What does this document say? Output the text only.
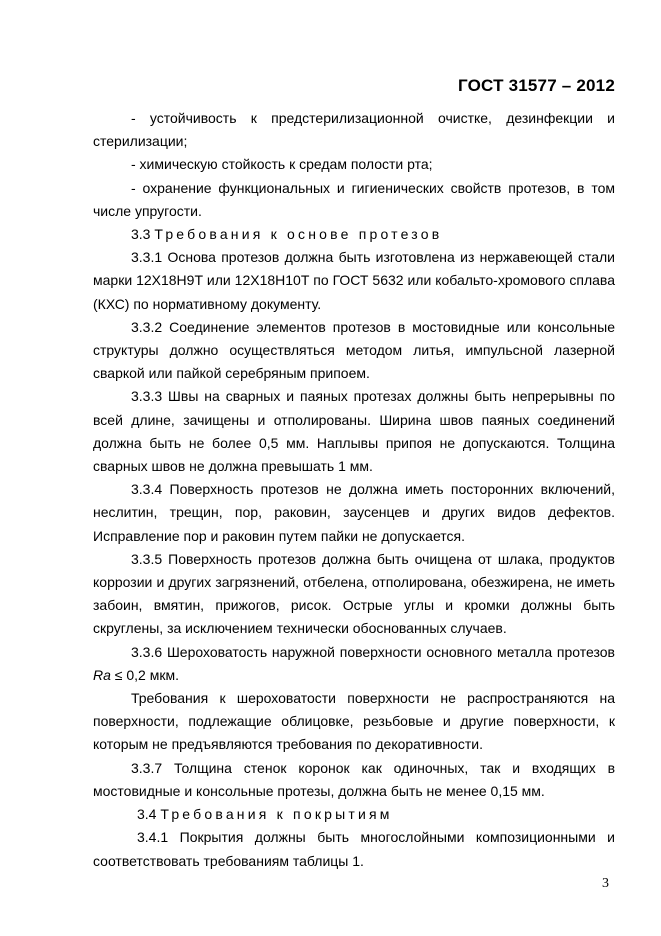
ГОСТ 31577 – 2012

- устойчивость к предстерилизационной очистке, дезинфекции и стерилизации;

- химическую стойкость к средам полости рта;

- охранение функциональных и гигиенических свойств протезов, в том числе упругости.

3.3 Требования к основе протезов

3.3.1 Основа протезов должна быть изготовлена из нержавеющей стали марки 12Х18Н9Т или 12Х18Н10Т по ГОСТ 5632 или кобальто-хромового сплава (КХС) по нормативному документу.

3.3.2 Соединение элементов протезов в мостовидные или консольные структуры должно осуществляться методом литья, импульсной лазерной сваркой или пайкой серебряным припоем.

3.3.3 Швы на сварных и паяных протезах должны быть непрерывны по всей длине, зачищены и отполированы. Ширина швов паяных соединений должна быть не более 0,5 мм. Наплывы припоя не допускаются. Толщина сварных швов не должна превышать 1 мм.

3.3.4 Поверхность протезов не должна иметь посторонних включений, неслитин, трещин, пор, раковин, заусенцев и других видов дефектов. Исправление пор и раковин путем пайки не допускается.

3.3.5 Поверхность протезов должна быть очищена от шлака, продуктов коррозии и других загрязнений, отбелена, отполирована, обезжирена, не иметь забоин, вмятин, прижогов, рисок. Острые углы и кромки должны быть скруглены, за исключением технически обоснованных случаев.

3.3.6 Шероховатость наружной поверхности основного металла протезов Ra ≤ 0,2 мкм.

Требования к шероховатости поверхности не распространяются на поверхности, подлежащие облицовке, резьбовые и другие поверхности, к которым не предъявляются требования по декоративности.

3.3.7 Толщина стенок коронок как одиночных, так и входящих в мостовидные и консольные протезы, должна быть не менее 0,15 мм.

3.4 Требования к покрытиям

3.4.1 Покрытия должны быть многослойными композиционными и соответствовать требованиям таблицы 1.

3
